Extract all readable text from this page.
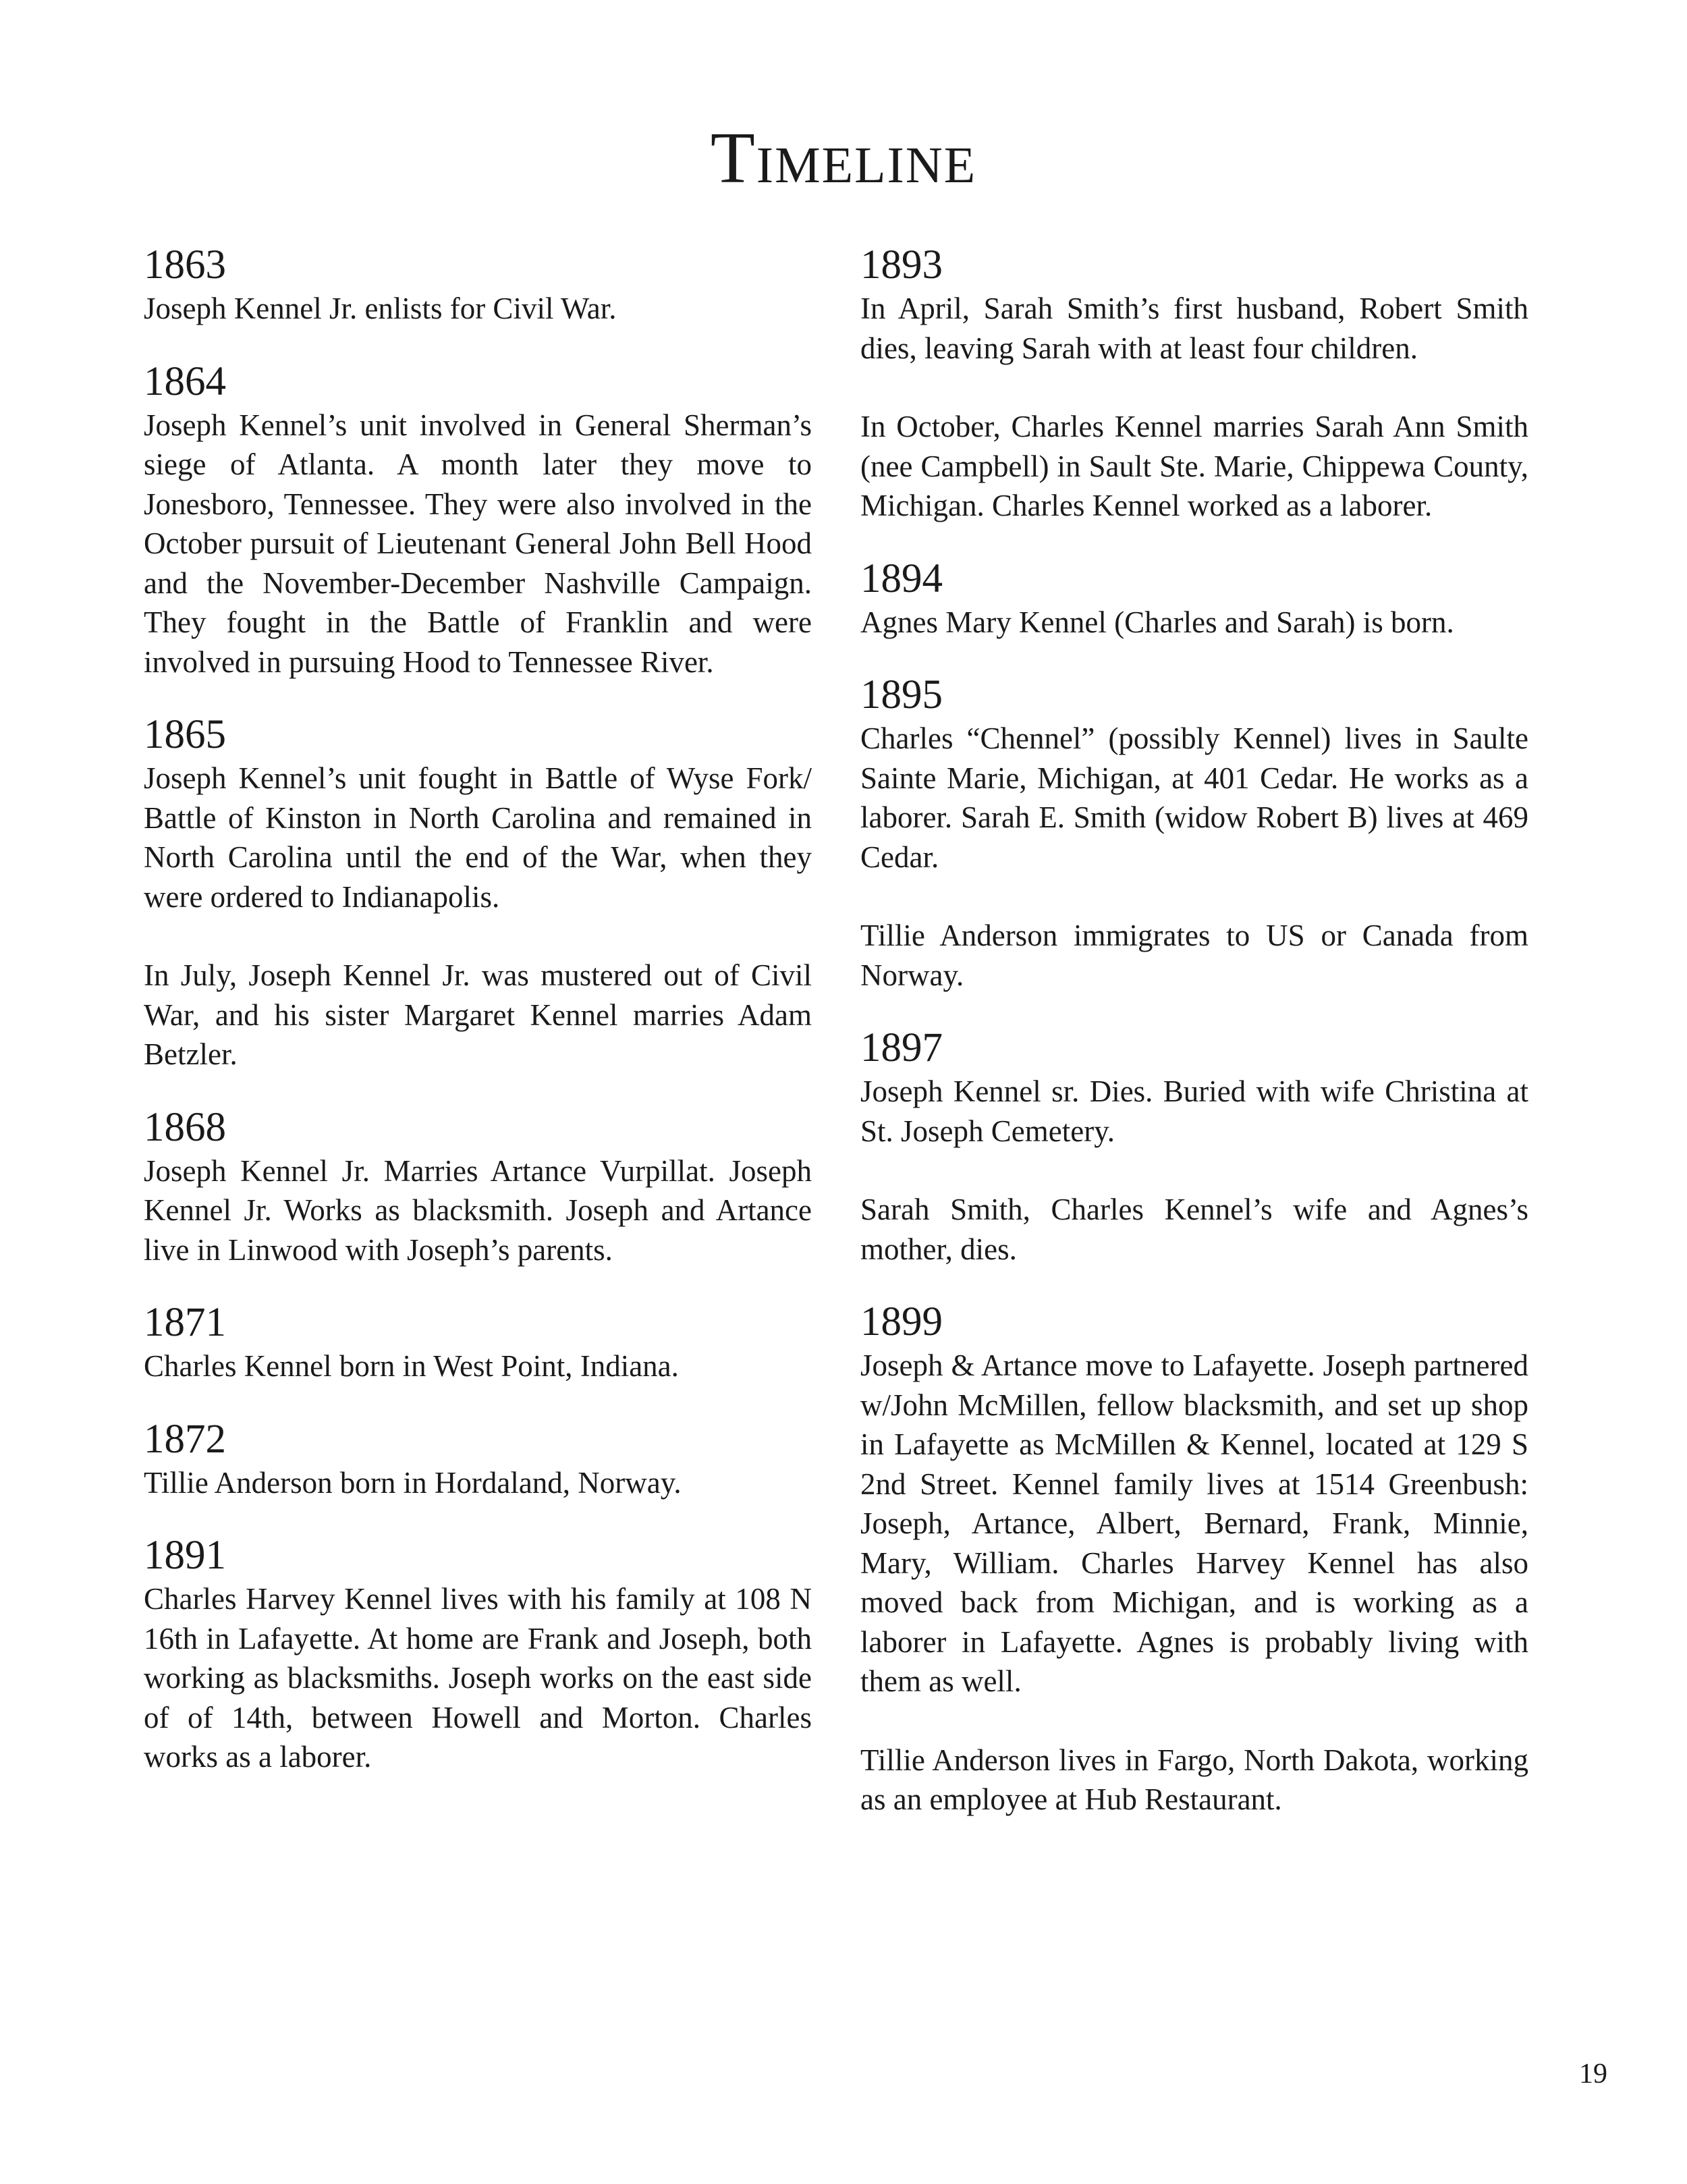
Timeline
1863

Joseph Kennel Jr. enlists for Civil War.

1864

Joseph Kennel’s unit involved in General Sherman’s siege of Atlanta. A month later they move to Jonesboro, Tennessee. They were also involved in the October pursuit of Lieutenant General John Bell Hood and the November-December Nashville Campaign. They fought in the Battle of Franklin and were involved in pursuing Hood to Tennessee River.

1865

Joseph Kennel’s unit fought in Battle of Wyse Fork/ Battle of Kinston in North Carolina and remained in North Carolina until the end of the War, when they were ordered to Indianapolis.

In July, Joseph Kennel Jr. was mustered out of Civil War, and his sister Margaret Kennel marries Adam Betzler.

1868

Joseph Kennel Jr. Marries Artance Vurpillat. Joseph Kennel Jr. Works as blacksmith. Joseph and Artance live in Linwood with Joseph’s parents.

1871

Charles Kennel born in West Point, Indiana.

1872

Tillie Anderson born in Hordaland, Norway.

1891

Charles Harvey Kennel lives with his family at 108 N 16th in Lafayette. At home are Frank and Joseph, both working as blacksmiths. Joseph works on the east side of of 14th, between Howell and Morton. Charles works as a laborer.

1893

In April, Sarah Smith’s first husband, Robert Smith dies, leaving Sarah with at least four children.

In October, Charles Kennel marries Sarah Ann Smith (nee Campbell) in Sault Ste. Marie, Chippewa County, Michigan. Charles Kennel worked as a laborer.

1894

Agnes Mary Kennel (Charles and Sarah) is born.

1895

Charles “Chennel” (possibly Kennel) lives in Saulte Sainte Marie, Michigan, at 401 Cedar. He works as a laborer. Sarah E. Smith (widow Robert B) lives at 469 Cedar.

Tillie Anderson immigrates to US or Canada from Norway.

1897

Joseph Kennel sr. Dies. Buried with wife Christina at St. Joseph Cemetery.

Sarah Smith, Charles Kennel’s wife and Agnes’s mother, dies.

1899

Joseph & Artance move to Lafayette. Joseph partnered w/John McMillen, fellow blacksmith, and set up shop in Lafayette as McMillen & Kennel, located at 129 S 2nd Street. Kennel family lives at 1514 Greenbush: Joseph, Artance, Albert, Bernard, Frank, Minnie, Mary, William. Charles Harvey Kennel has also moved back from Michigan, and is working as a laborer in Lafayette. Agnes is probably living with them as well.

Tillie Anderson lives in Fargo, North Dakota, working as an employee at Hub Restaurant.

19
